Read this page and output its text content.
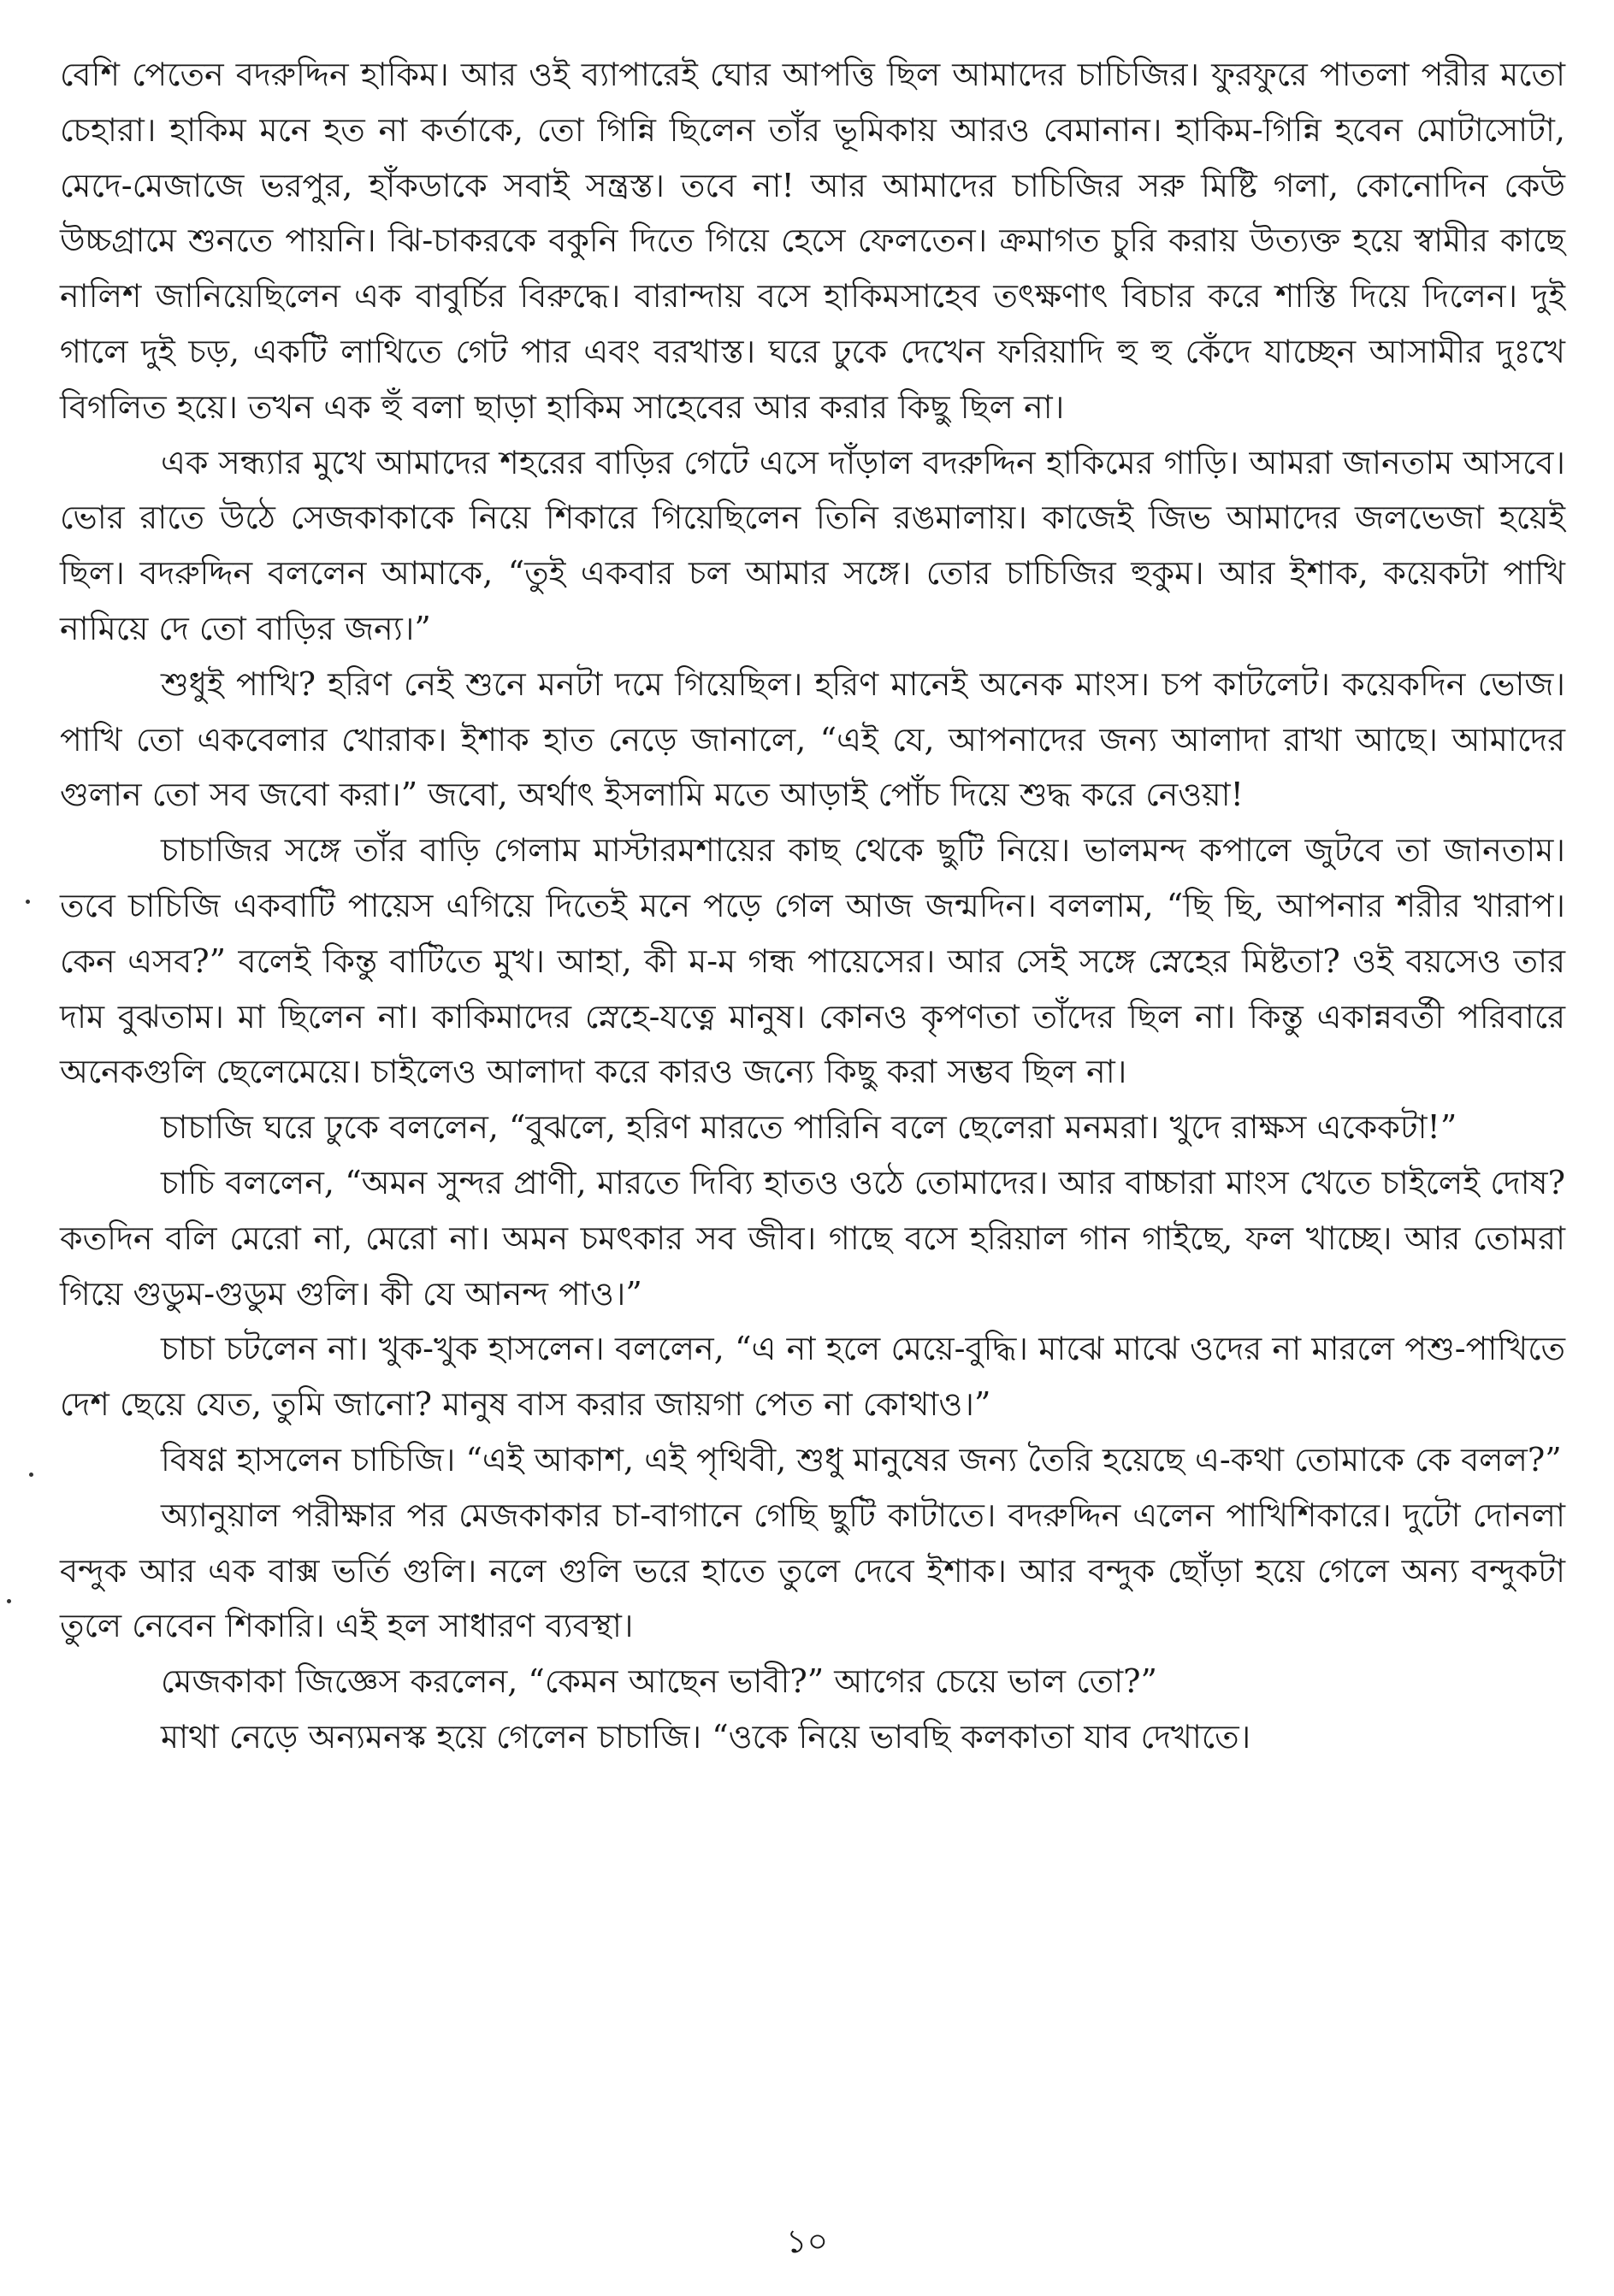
বেশি পেতেন বদরুদ্দিন হাকিম। আর ওই ব্যাপারেই ঘোর আপত্তি ছিল আমাদের চাচিজির। ফুরফুরে পাতলা পরীর মতো চেহারা। হাকিম মনে হত না কর্তাকে, তো গিন্নি ছিলেন তাঁর ভূমিকায় আরও বেমানান। হাকিম-গিন্নি হবেন মোটাসোটা, মেদে-মেজাজে ভরপুর, হাঁকডাকে সবাই সন্ত্রস্ত। তবে না! আর আমাদের চাচিজির সরু মিষ্টি গলা, কোনোদিন কেউ উচ্চগ্রামে শুনতে পায়নি। ঝি-চাকরকে বকুনি দিতে গিয়ে হেসে ফেলতেন। ক্রমাগত চুরি করায় উত্যক্ত হয়ে স্বামীর কাছে নালিশ জানিয়েছিলেন এক বাবুর্চির বিরুদ্ধে। বারান্দায় বসে হাকিমসাহেব তৎক্ষণাৎ বিচার করে শাস্তি দিয়ে দিলেন। দুই গালে দুই চড়, একটি লাথিতে গেট পার এবং বরখাস্ত। ঘরে ঢুকে দেখেন ফরিয়াদি হু হু কেঁদে যাচ্ছেন আসামীর দুঃখে বিগলিত হয়ে। তখন এক হুঁ বলা ছাড়া হাকিম সাহেবের আর করার কিছু ছিল না।

এক সন্ধ্যার মুখে আমাদের শহরের বাড়ির গেটে এসে দাঁড়াল বদরুদ্দিন হাকিমের গাড়ি। আমরা জানতাম আসবে। ভোর রাতে উঠে সেজকাকাকে নিয়ে শিকারে গিয়েছিলেন তিনি রঙমালায়। কাজেই জিভ আমাদের জলভেজা হয়েই ছিল। বদরুদ্দিন বললেন আমাকে, “তুই একবার চল আমার সঙ্গে। তোর চাচিজির হুকুম। আর ইশাক, কয়েকটা পাখি নামিয়ে দে তো বাড়ির জন্য।”

শুধুই পাখি? হরিণ নেই শুনে মনটা দমে গিয়েছিল। হরিণ মানেই অনেক মাংস। চপ কাটলেট। কয়েকদিন ভোজ। পাখি তো একবেলার খোরাক। ইশাক হাত নেড়ে জানালে, “এই যে, আপনাদের জন্য আলাদা রাখা আছে। আমাদের গুলান তো সব জবো করা।” জবো, অর্থাৎ ইসলামি মতে আড়াই পোঁচ দিয়ে শুদ্ধ করে নেওয়া!

চাচাজির সঙ্গে তাঁর বাড়ি গেলাম মাস্টারমশায়ের কাছ থেকে ছুটি নিয়ে। ভালমন্দ কপালে জুটবে তা জানতাম। তবে চাচিজি একবাটি পায়েস এগিয়ে দিতেই মনে পড়ে গেল আজ জন্মদিন। বললাম, “ছি ছি, আপনার শরীর খারাপ। কেন এসব?” বলেই কিন্তু বাটিতে মুখ। আহা, কী ম-ম গন্ধ পায়েসের। আর সেই সঙ্গে স্নেহের মিষ্টতা? ওই বয়সেও তার দাম বুঝতাম। মা ছিলেন না। কাকিমাদের স্নেহে-যত্নে মানুষ। কোনও কৃপণতা তাঁদের ছিল না। কিন্তু একান্নবর্তী পরিবারে অনেকগুলি ছেলেমেয়ে। চাইলেও আলাদা করে কারও জন্যে কিছু করা সম্ভব ছিল না।

চাচাজি ঘরে ঢুকে বললেন, “বুঝলে, হরিণ মারতে পারিনি বলে ছেলেরা মনমরা। খুদে রাক্ষস একেকটা!”

চাচি বললেন, “অমন সুন্দর প্রাণী, মারতে দিব্যি হাতও ওঠে তোমাদের। আর বাচ্চারা মাংস খেতে চাইলেই দোষ? কতদিন বলি মেরো না, মেরো না। অমন চমৎকার সব জীব। গাছে বসে হরিয়াল গান গাইছে, ফল খাচ্ছে। আর তোমরা গিয়ে গুডুম-গুডুম গুলি। কী যে আনন্দ পাও।”

চাচা চটলেন না। খুক-খুক হাসলেন। বললেন, “এ না হলে মেয়ে-বুদ্ধি। মাঝে মাঝে ওদের না মারলে পশু-পাখিতে দেশ ছেয়ে যেত, তুমি জানো? মানুষ বাস করার জায়গা পেত না কোথাও।”

বিষণ্ণ হাসলেন চাচিজি। “এই আকাশ, এই পৃথিবী, শুধু মানুষের জন্য তৈরি হয়েছে এ-কথা তোমাকে কে বলল?”

অ্যানুয়াল পরীক্ষার পর মেজকাকার চা-বাগানে গেছি ছুটি কাটাতে। বদরুদ্দিন এলেন পাখিশিকারে। দুটো দোনলা বন্দুক আর এক বাক্স ভর্তি গুলি। নলে গুলি ভরে হাতে তুলে দেবে ইশাক। আর বন্দুক ছোঁড়া হয়ে গেলে অন্য বন্দুকটা তুলে নেবেন শিকারি। এই হল সাধারণ ব্যবস্থা।

মেজকাকা জিজ্ঞেস করলেন, “কেমন আছেন ভাবী?” আগের চেয়ে ভাল তো?”

মাথা নেড়ে অন্যমনস্ক হয়ে গেলেন চাচাজি। “ওকে নিয়ে ভাবছি কলকাতা যাব দেখাতে।

১০
